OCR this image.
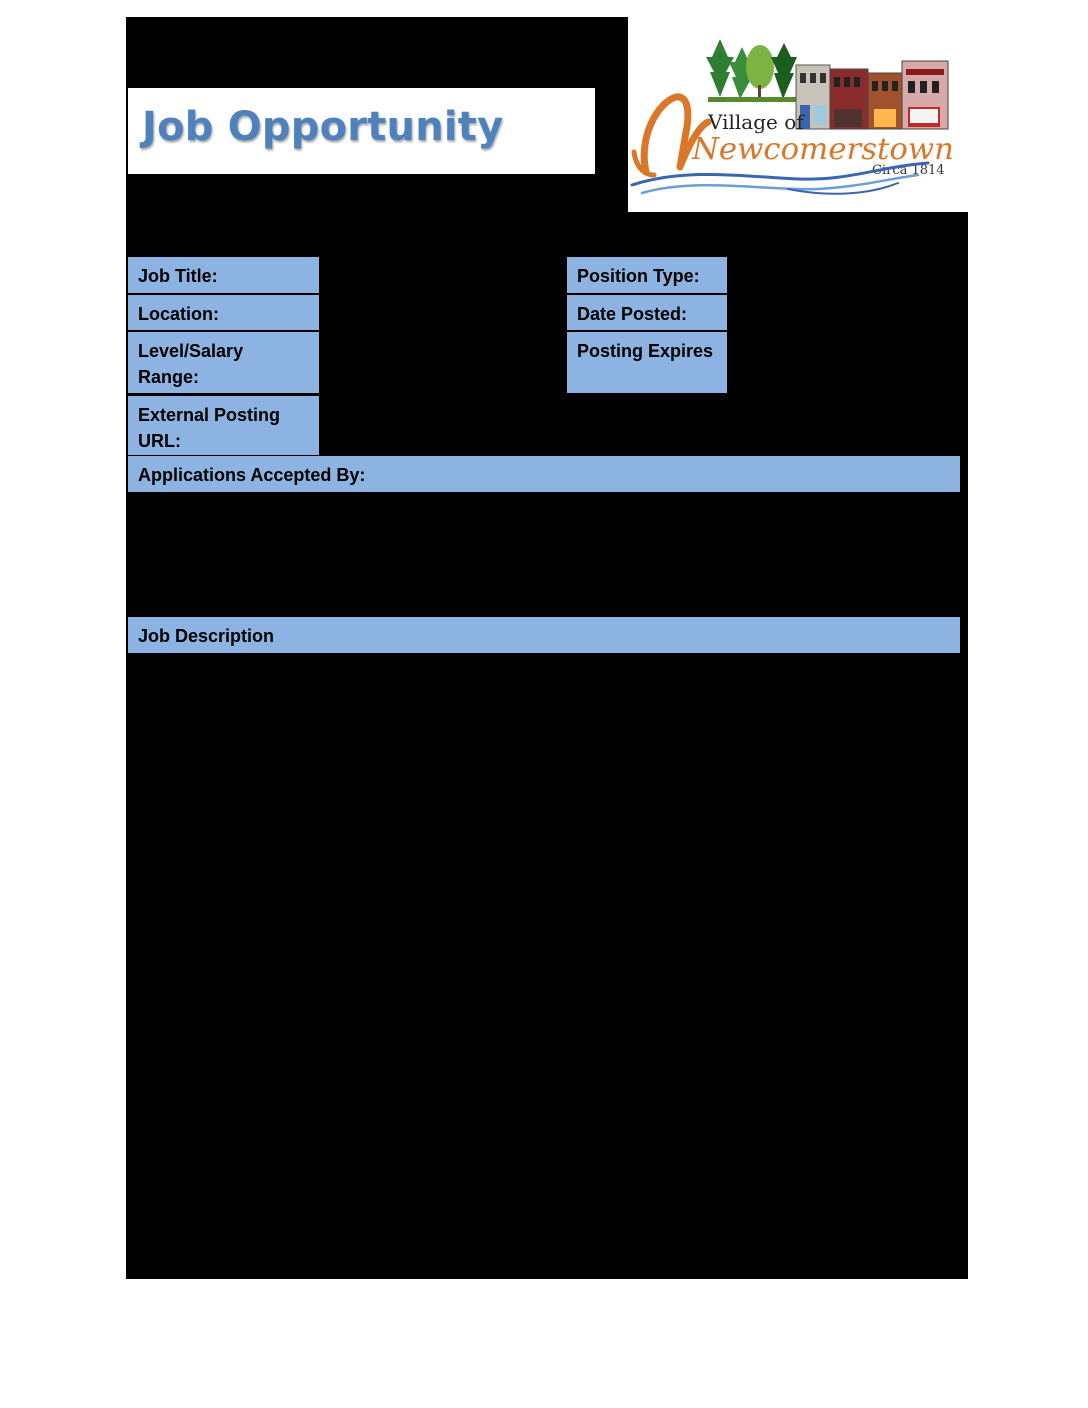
Job Opportunity	Village of
Newcomerstown
Circa 1814
Job Title:
Location:
Level/Salary
Range:
External Posting
URL:
Position Type:
Date Posted:
Posting Expires
Applications Accepted By:
Job Description
